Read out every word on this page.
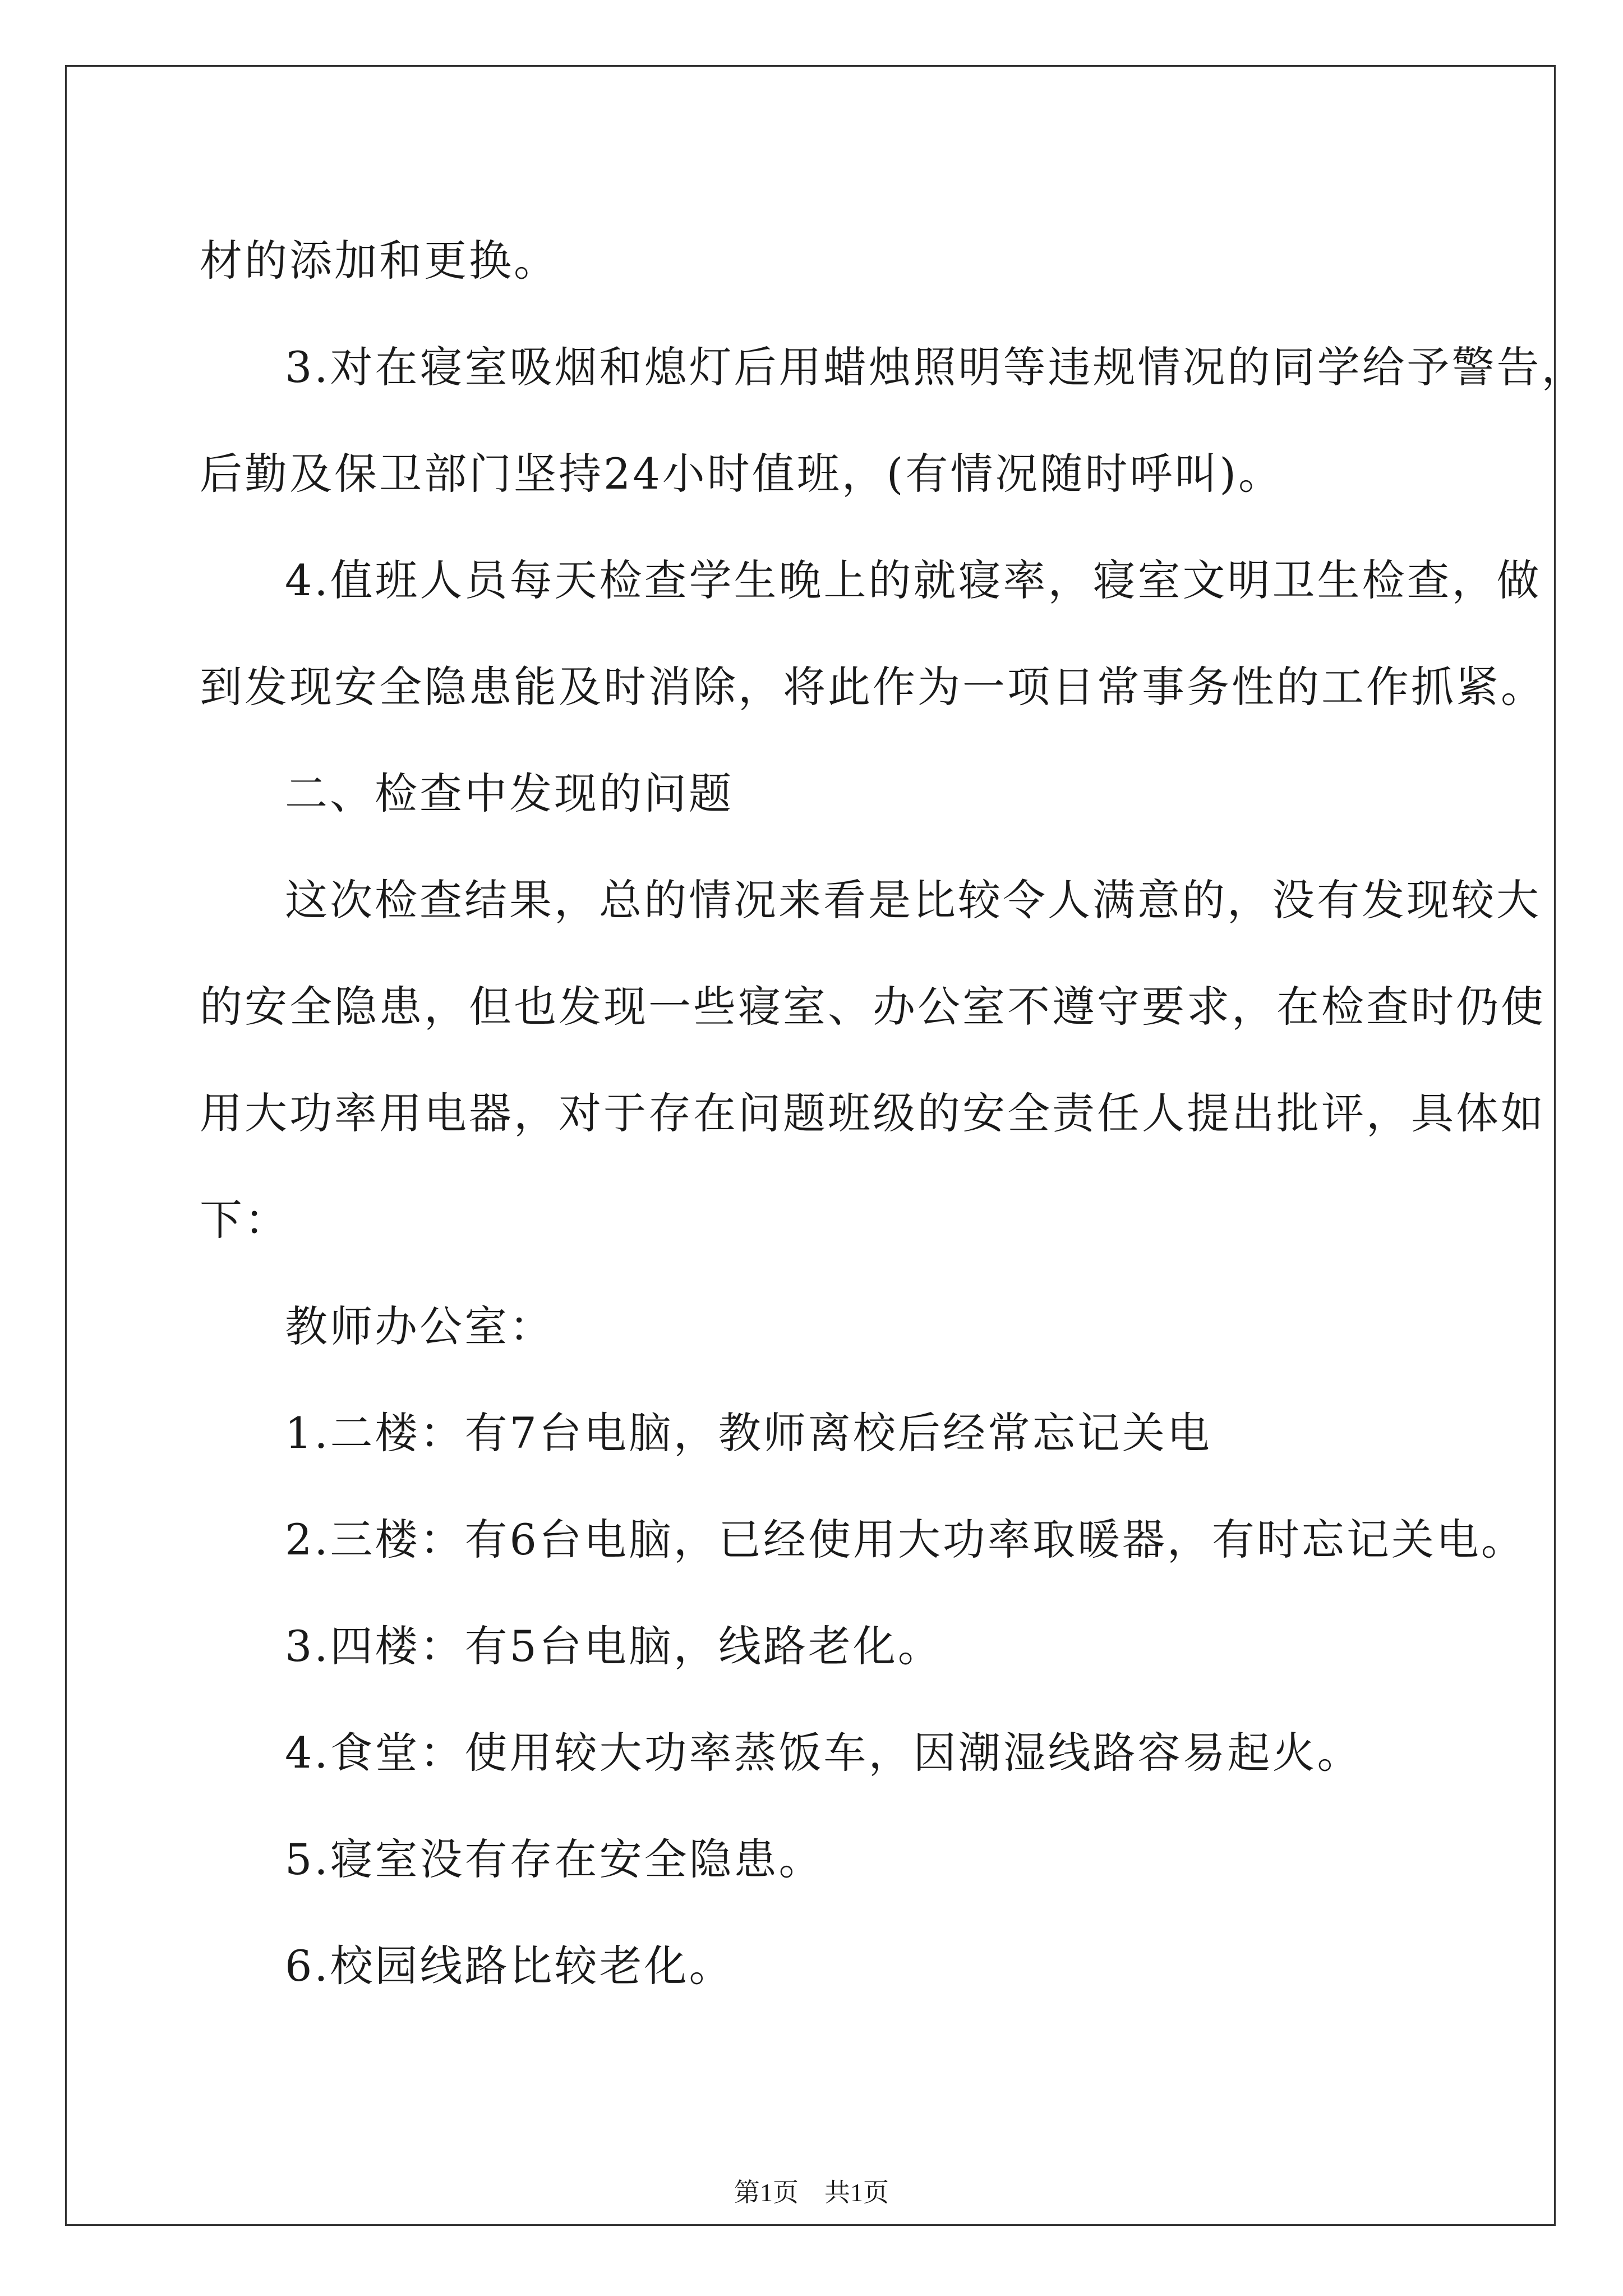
材的添加和更换。

3.对在寝室吸烟和熄灯后用蜡烛照明等违规情况的同学给予警告，

后勤及保卫部门坚持24小时值班，(有情况随时呼叫)。

4.值班人员每天检查学生晚上的就寝率，寝室文明卫生检查，做

到发现安全隐患能及时消除，将此作为一项日常事务性的工作抓紧。

二、检查中发现的问题

这次检查结果，总的情况来看是比较令人满意的，没有发现较大

的安全隐患，但也发现一些寝室、办公室不遵守要求，在检查时仍使

用大功率用电器，对于存在问题班级的安全责任人提出批评，具体如

下：

教师办公室：

1.二楼：有7台电脑，教师离校后经常忘记关电

2.三楼：有6台电脑，已经使用大功率取暖器，有时忘记关电。

3.四楼：有5台电脑，线路老化。

4.食堂：使用较大功率蒸饭车，因潮湿线路容易起火。

5.寝室没有存在安全隐患。

6.校园线路比较老化。

第1页　共1页
